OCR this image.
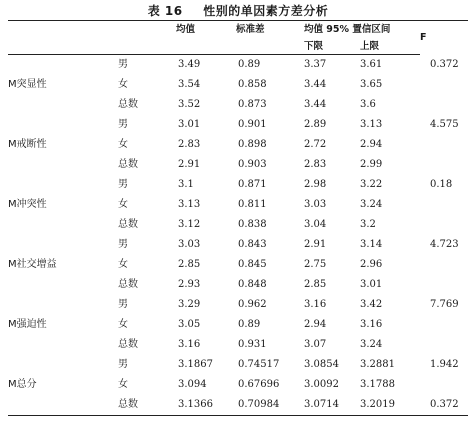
表 16 性别的单因素方差分析
		均值	标准差	均值 95% 置信区间		F	
				下限	上限		
M突显性	男	3.49	0.89	3.37	3.61	0.372	
	女	3.54	0.858	3.44	3.65		
	总数	3.52	0.873	3.44	3.6		
M戒断性	男	3.01	0.901	2.89	3.13	4.575	
	女	2.83	0.898	2.72	2.94		
	总数	2.91	0.903	2.83	2.99		
M冲突性	男	3.1	0.871	2.98	3.22	0.18	
	女	3.13	0.811	3.03	3.24		
	总数	3.12	0.838	3.04	3.2		
M社交增益	男	3.03	0.843	2.91	3.14	4.723	
	女	2.85	0.845	2.75	2.96		
	总数	2.93	0.848	2.85	3.01		
M强迫性	男	3.29	0.962	3.16	3.42	7.769	
	女	3.05	0.89	2.94	3.16		
	总数	3.16	0.931	3.07	3.24		
M总分	男	3.1867	0.74517	3.0854	3.2881	1.942	
	女	3.094	0.67696	3.0092	3.1788		
	总数	3.1366	0.70984	3.0714	3.2019	0.372	
